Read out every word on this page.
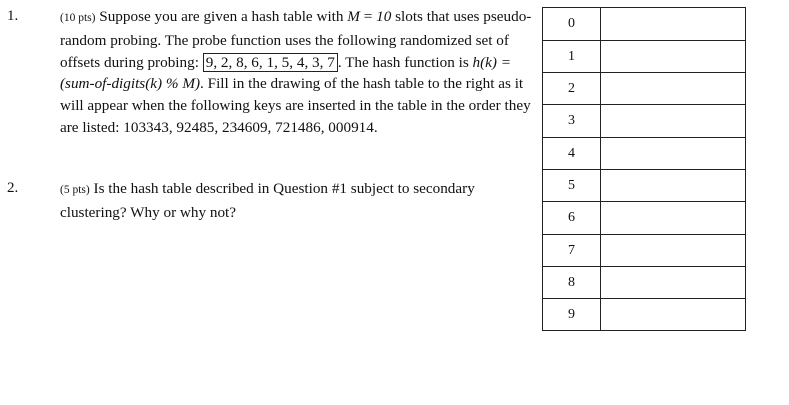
1.	(10 pts) Suppose you are given a hash table with M = 10 slots that uses pseudo-random probing. The probe function uses the following randomized set of offsets during probing: 9, 2, 8, 6, 1, 5, 4, 3, 7 . The hash function is h(k) = (sum-of-digits(k) % M). Fill in the drawing of the hash table to the right as it will appear when the following keys are inserted in the table in the order they are listed: 103343, 92485, 234609, 721486, 000914.
2.	(5 pts) Is the hash table described in Question #1 subject to secondary clustering? Why or why not?
0
1
2
3
4
5
6
7
8
9
